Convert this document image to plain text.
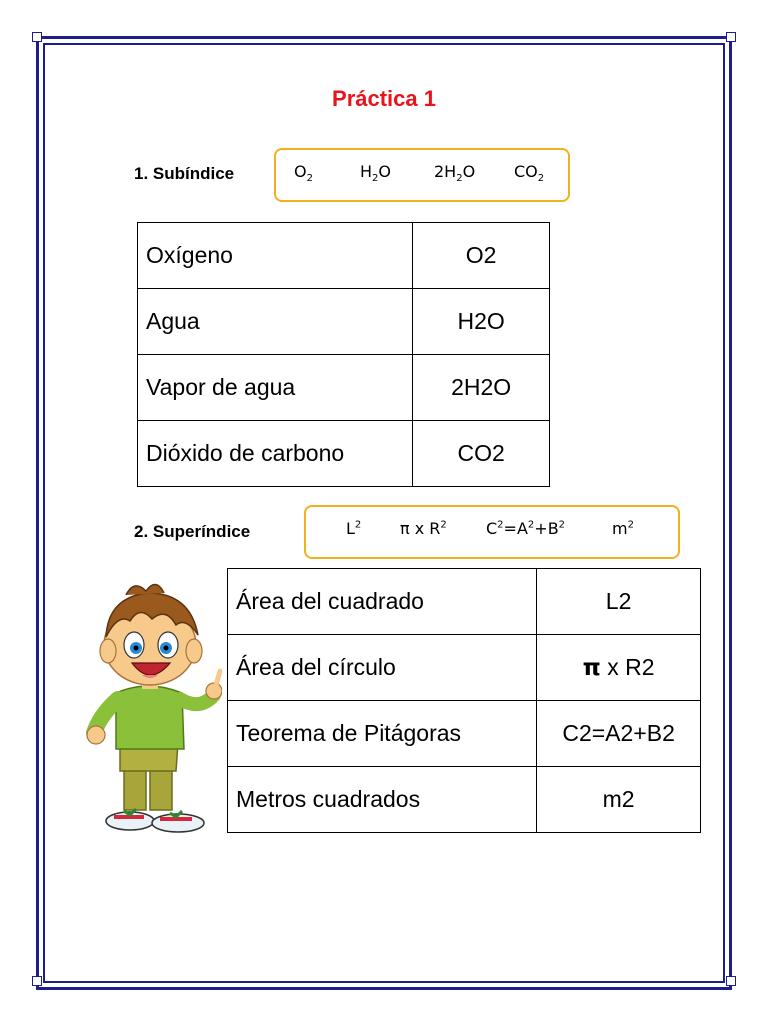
Práctica 1
1. Subíndice	$O_2$	$H_2O$	$2H_2O$ $CO_2$
Oxígeno	O2
Agua	H2O
Vapor de agua	2H2O
Dióxido de carbono	CO2
2. Superíndice	$L^2$ π x $R^2$ $C^2=A^2+B^2$	$m^2$
Área del cuadrado	L2
Área del círculo	π x R2
Teorema de Pitágoras	C2=A2+B2
Metros cuadrados	m2
